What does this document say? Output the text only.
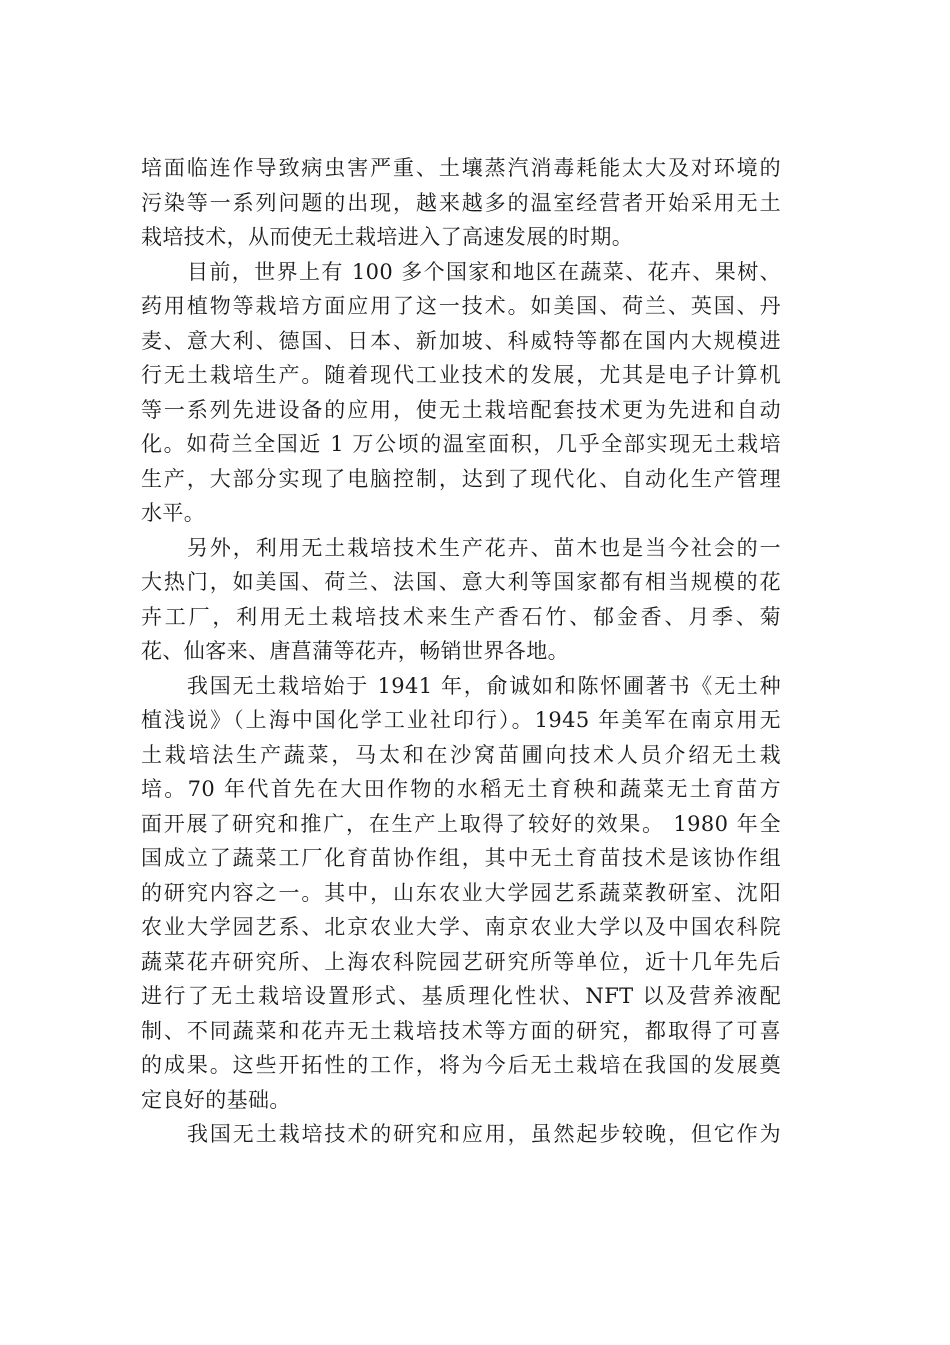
培面临连作导致病虫害严重、土壤蒸汽消毒耗能太大及对环境的
污染等一系列问题的出现，越来越多的温室经营者开始采用无土
栽培技术，从而使无土栽培进入了高速发展的时期。
目前，世界上有 100 多个国家和地区在蔬菜、花卉、果树、
药用植物等栽培方面应用了这一技术。如美国、荷兰、英国、丹
麦、意大利、德国、日本、新加坡、科威特等都在国内大规模进
行无土栽培生产。随着现代工业技术的发展，尤其是电子计算机
等一系列先进设备的应用，使无土栽培配套技术更为先进和自动
化。如荷兰全国近 1 万公顷的温室面积，几乎全部实现无土栽培
生产，大部分实现了电脑控制，达到了现代化、自动化生产管理
水平。
另外，利用无土栽培技术生产花卉、苗木也是当今社会的一
大热门，如美国、荷兰、法国、意大利等国家都有相当规模的花
卉工厂，利用无土栽培技术来生产香石竹、郁金香、月季、菊
花、仙客来、唐菖蒲等花卉，畅销世界各地。
我国无土栽培始于 1941 年，俞诚如和陈怀圃著书《无土种
植浅说》（上海中国化学工业社印行）。1945 年美军在南京用无
土栽培法生产蔬菜，马太和在沙窝苗圃向技术人员介绍无土栽
培。70 年代首先在大田作物的水稻无土育秧和蔬菜无土育苗方
面开展了研究和推广，在生产上取得了较好的效果。 1980 年全
国成立了蔬菜工厂化育苗协作组，其中无土育苗技术是该协作组
的研究内容之一。其中，山东农业大学园艺系蔬菜教研室、沈阳
农业大学园艺系、北京农业大学、南京农业大学以及中国农科院
蔬菜花卉研究所、上海农科院园艺研究所等单位，近十几年先后
进行了无土栽培设置形式、基质理化性状、NFT 以及营养液配
制、不同蔬菜和花卉无土栽培技术等方面的研究，都取得了可喜
的成果。这些开拓性的工作，将为今后无土栽培在我国的发展奠
定良好的基础。
我国无土栽培技术的研究和应用，虽然起步较晚，但它作为
